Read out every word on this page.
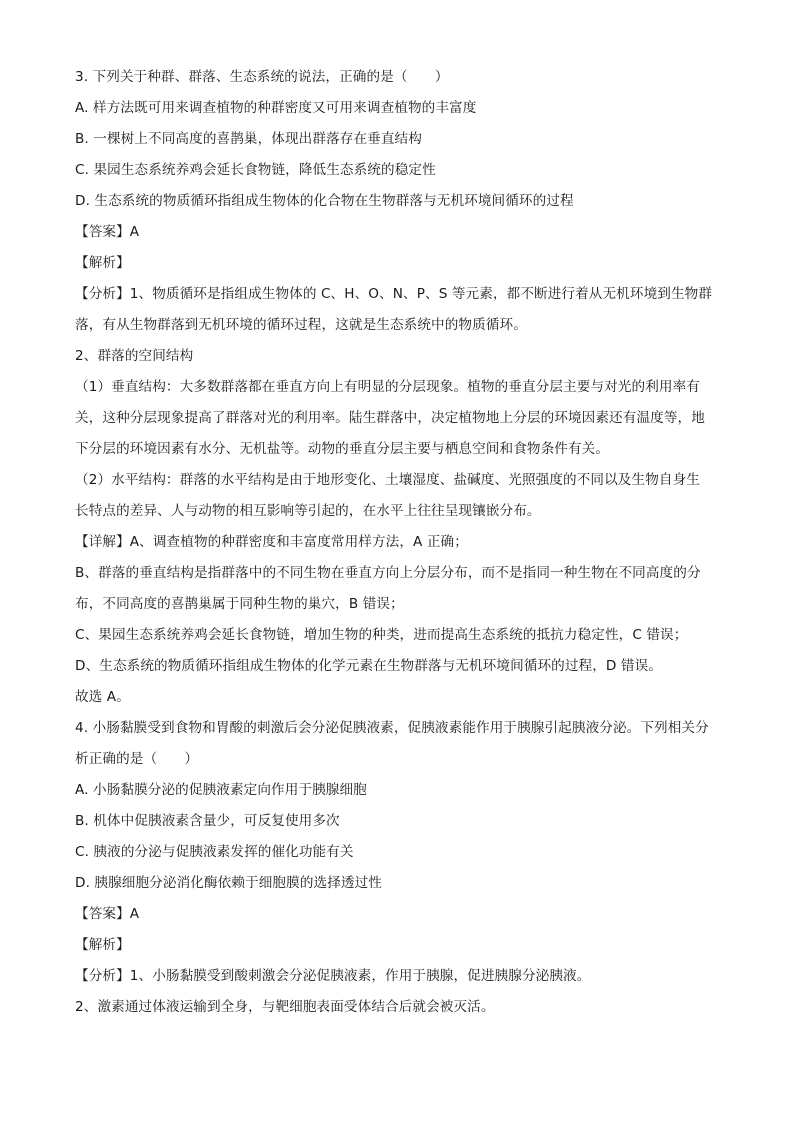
3. 下列关于种群、群落、生态系统的说法，正确的是（　　）
A. 样方法既可用来调查植物的种群密度又可用来调查植物的丰富度
B. 一棵树上不同高度的喜鹊巢，体现出群落存在垂直结构
C. 果园生态系统养鸡会延长食物链，降低生态系统的稳定性
D. 生态系统的物质循环指组成生物体的化合物在生物群落与无机环境间循环的过程
【答案】A
【解析】
【分析】1、物质循环是指组成生物体的 C、H、O、N、P、S 等元素，都不断进行着从无机环境到生物群
落，有从生物群落到无机环境的循环过程，这就是生态系统中的物质循环。
2、群落的空间结构
（1）垂直结构：大多数群落都在垂直方向上有明显的分层现象。植物的垂直分层主要与对光的利用率有
关，这种分层现象提高了群落对光的利用率。陆生群落中，决定植物地上分层的环境因素还有温度等，地
下分层的环境因素有水分、无机盐等。动物的垂直分层主要与栖息空间和食物条件有关。
（2）水平结构：群落的水平结构是由于地形变化、土壤湿度、盐碱度、光照强度的不同以及生物自身生
长特点的差异、人与动物的相互影响等引起的，在水平上往往呈现镶嵌分布。
【详解】A、调查植物的种群密度和丰富度常用样方法，A 正确；
B、群落的垂直结构是指群落中的不同生物在垂直方向上分层分布，而不是指同一种生物在不同高度的分
布，不同高度的喜鹊巢属于同种生物的巢穴，B 错误；
C、果园生态系统养鸡会延长食物链，增加生物的种类，进而提高生态系统的抵抗力稳定性，C 错误；
D、生态系统的物质循环指组成生物体的化学元素在生物群落与无机环境间循环的过程，D 错误。
故选 A。
4. 小肠黏膜受到食物和胃酸的刺激后会分泌促胰液素，促胰液素能作用于胰腺引起胰液分泌。下列相关分
析正确的是（　　）
A. 小肠黏膜分泌的促胰液素定向作用于胰腺细胞
B. 机体中促胰液素含量少，可反复使用多次
C. 胰液的分泌与促胰液素发挥的催化功能有关
D. 胰腺细胞分泌消化酶依赖于细胞膜的选择透过性
【答案】A
【解析】
【分析】1、小肠黏膜受到酸刺激会分泌促胰液素，作用于胰腺，促进胰腺分泌胰液。
2、激素通过体液运输到全身，与靶细胞表面受体结合后就会被灭活。
